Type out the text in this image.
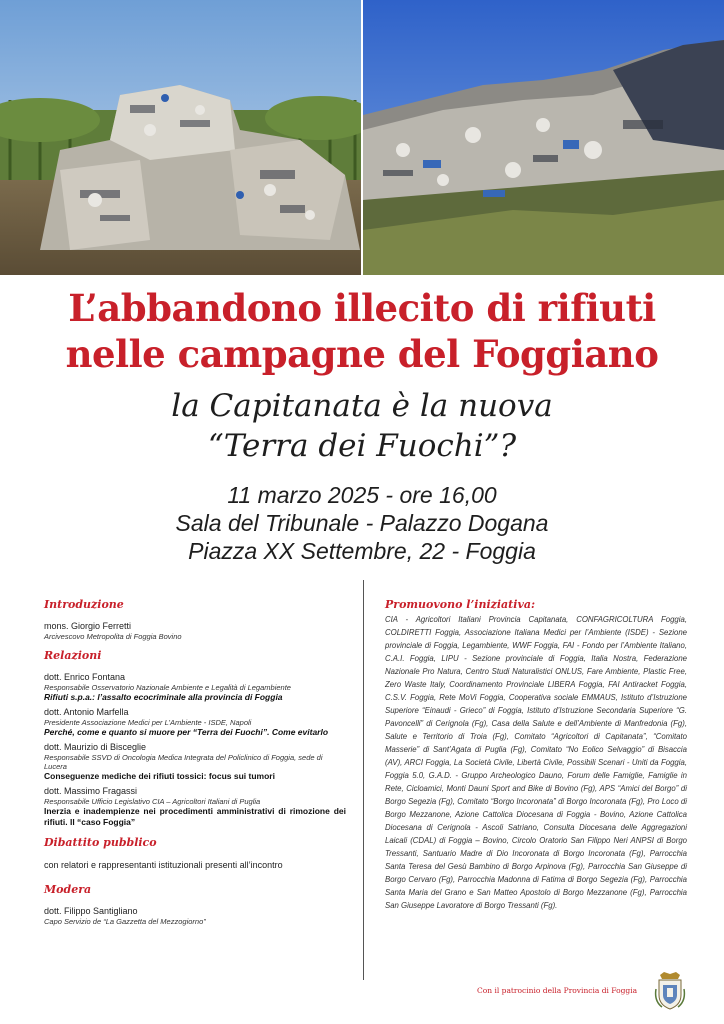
L’abbandono illecito di rifiuti
nelle campagne del Foggiano
la Capitanata è la nuova
“Terra dei Fuochi”?
11 marzo 2025 - ore 16,00
Sala del Tribunale - Palazzo Dogana
Piazza XX Settembre, 22 - Foggia

Introduzione

mons. Giorgio Ferretti

Arcivescovo Metropolita di Foggia Bovino

Relazioni

dott. Enrico Fontana

Responsabile Osservatorio Nazionale Ambiente e Legalità di Legambiente

Rifiuti s.p.a.: l’assalto ecocriminale alla provincia di Foggia

dott. Antonio Marfella

Presidente Associazione Medici per L’Ambiente - ISDE, Napoli

Perché, come e quanto si muore per “Terra dei Fuochi”. Come evitarlo

dott. Maurizio di Bisceglie

Responsabile SSVD di Oncologia Medica Integrata del Policlinico di Foggia, sede di Lucera

Conseguenze mediche dei rifiuti tossici: focus sui tumori

dott. Massimo Fragassi

Responsabile Ufficio Legislativo CIA – Agricoltori Italiani di Puglia

Inerzia e inadempienze nei procedimenti amministrativi di rimozione dei rifiuti. Il “caso Foggia”

Dibattito pubblico

con relatori e rappresentanti istituzionali presenti all’incontro

Modera

dott. Filippo Santigliano

Capo Servizio de “La Gazzetta del Mezzogiorno”

Promuovono l’iniziativa:

CIA - Agricoltori Italiani Provincia Capitanata, CONFAGRICOLTURA Foggia, COLDIRETTI Foggia, Associazione Italiana Medici per l’Ambiente (ISDE) - Sezione provinciale di Foggia, Legambiente, WWF Foggia, FAI - Fondo per l’Ambiente Italiano, C.A.I. Foggia, LIPU - Sezione provinciale di Foggia, Italia Nostra, Federazione Nazionale Pro Natura, Centro Studi Naturalistici ONLUS, Fare Ambiente, Plastic Free, Zero Waste Italy, Coordinamento Provinciale LIBERA Foggia, FAI Antiracket Foggia, C.S.V. Foggia, Rete MoVi Foggia, Cooperativa sociale EMMAUS, Istituto d’Istruzione Superiore “Einaudi - Grieco” di Foggia, Istituto d’Istruzione Secondaria Superiore “G. Pavoncelli” di Cerignola (Fg), Casa della Salute e dell’Ambiente di Manfredonia (Fg), Salute e Territorio di Troia (Fg), Comitato “Agricoltori di Capitanata”, “Comitato Masserie” di Sant’Agata di Puglia (Fg), Comitato “No Eolico Selvaggio” di Bisaccia (AV), ARCI Foggia, La Società Civile, Libertà Civile, Possibili Scenari - Uniti da Foggia, Foggia 5.0, G.A.D. - Gruppo Archeologico Dauno, Forum delle Famiglie, Famiglie in Rete, Cicloamici, Monti Dauni Sport and Bike di Bovino (Fg), APS “Amici del Borgo” di Borgo Segezia (Fg), Comitato “Borgo Incoronata” di Borgo Incoronata (Fg), Pro Loco di Borgo Mezzanone, Azione Cattolica Diocesana di Foggia - Bovino, Azione Cattolica Diocesana di Cerignola - Ascoli Satriano, Consulta Diocesana delle Aggregazioni Laicali (CDAL) di Foggia – Bovino, Circolo Oratorio San Filippo Neri ANPSI di Borgo Tressanti, Santuario Madre di Dio Incoronata di Borgo Incoronata (Fg), Parrocchia Santa Teresa del Gesù Bambino di Borgo Arpinova (Fg), Parrocchia San Giuseppe di Borgo Cervaro (Fg), Parrocchia Madonna di Fatima di Borgo Segezia (Fg), Parrocchia Santa Maria del Grano e San Matteo Apostolo di Borgo Mezzanone (Fg), Parrocchia San Giuseppe Lavoratore di Borgo Tressanti (Fg).

Con il patrocinio della Provincia di Foggia
